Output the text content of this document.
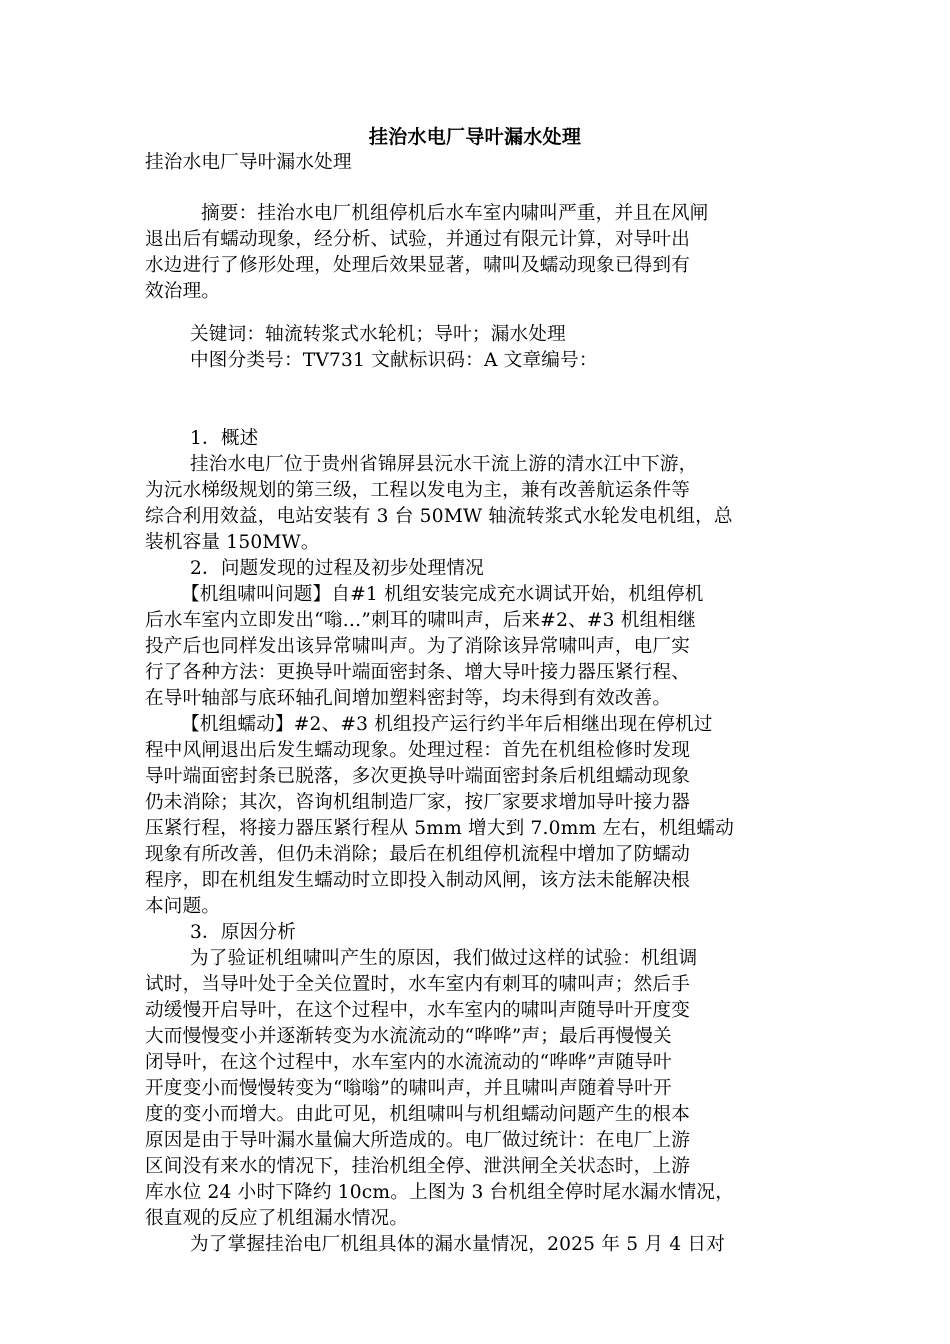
挂治水电厂导叶漏水处理
挂治水电厂导叶漏水处理
摘要：挂治水电厂机组停机后水车室内啸叫严重，并且在风闸
退出后有蠕动现象，经分析、试验，并通过有限元计算，对导叶出
水边进行了修形处理，处理后效果显著，啸叫及蠕动现象已得到有
效治理。
关键词：轴流转浆式水轮机；导叶；漏水处理
中图分类号：TV731 文献标识码：A 文章编号：
1．概述
挂治水电厂位于贵州省锦屏县沅水干流上游的清水江中下游，
为沅水梯级规划的第三级，工程以发电为主，兼有改善航运条件等
综合利用效益，电站安装有 3 台 50MW 轴流转浆式水轮发电机组，总
装机容量 150MW。
2．问题发现的过程及初步处理情况
【机组啸叫问题】自#1 机组安装完成充水调试开始，机组停机
后水车室内立即发出“嗡…”刺耳的啸叫声，后来#2、#3 机组相继
投产后也同样发出该异常啸叫声。为了消除该异常啸叫声，电厂实
行了各种方法：更换导叶端面密封条、增大导叶接力器压紧行程、
在导叶轴部与底环轴孔间增加塑料密封等，均未得到有效改善。
【机组蠕动】#2、#3 机组投产运行约半年后相继出现在停机过
程中风闸退出后发生蠕动现象。处理过程：首先在机组检修时发现
导叶端面密封条已脱落，多次更换导叶端面密封条后机组蠕动现象
仍未消除；其次，咨询机组制造厂家，按厂家要求增加导叶接力器
压紧行程，将接力器压紧行程从 5mm 增大到 7.0mm 左右，机组蠕动
现象有所改善，但仍未消除；最后在机组停机流程中增加了防蠕动
程序，即在机组发生蠕动时立即投入制动风闸，该方法未能解决根
本问题。
3．原因分析
为了验证机组啸叫产生的原因，我们做过这样的试验：机组调
试时，当导叶处于全关位置时，水车室内有刺耳的啸叫声；然后手
动缓慢开启导叶，在这个过程中，水车室内的啸叫声随导叶开度变
大而慢慢变小并逐渐转变为水流流动的“哗哗”声；最后再慢慢关
闭导叶，在这个过程中，水车室内的水流流动的“哗哗”声随导叶
开度变小而慢慢转变为“嗡嗡”的啸叫声，并且啸叫声随着导叶开
度的变小而增大。由此可见，机组啸叫与机组蠕动问题产生的根本
原因是由于导叶漏水量偏大所造成的。电厂做过统计：在电厂上游
区间没有来水的情况下，挂治机组全停、泄洪闸全关状态时，上游
库水位 24 小时下降约 10cm。上图为 3 台机组全停时尾水漏水情况，
很直观的反应了机组漏水情况。
为了掌握挂治电厂机组具体的漏水量情况，2025 年 5 月 4 日对
